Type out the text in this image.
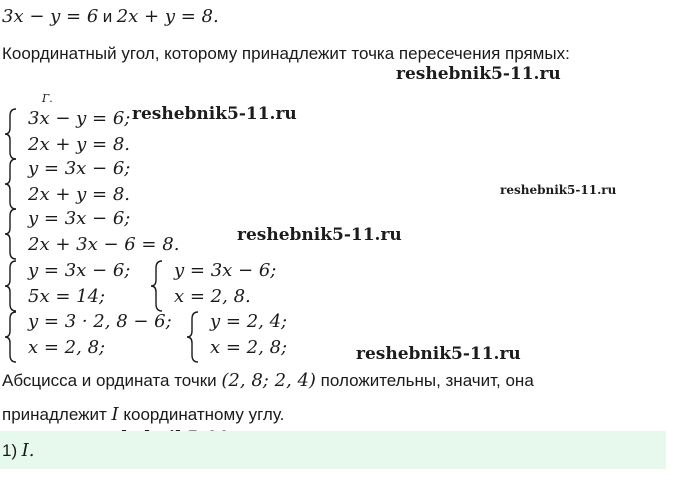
3x − y = 6 и 2x + y = 8.
Координатный угол, которому принадлежит точка пересечения прямых:
reshebnik5-11.ru
reshebnik5-11.ru
reshebnik5-11.ru
reshebnik5-11.ru
reshebnik5-11.ru
Г.
3x − y = 6;
2x + y = 8.
y = 3x − 6;
2x + y = 8.
y = 3x − 6;
2x + 3x − 6 = 8.
y = 3x − 6;
5x = 14;
y = 3x − 6;
x = 2, 8.
y = 3 · 2, 8 − 6;
x = 2, 8;
y = 2, 4;
x = 2, 8;
Абсцисса и ордината точки (2, 8; 2, 4) положительны, значит, она
принадлежит I координатному углу.
1) I.
